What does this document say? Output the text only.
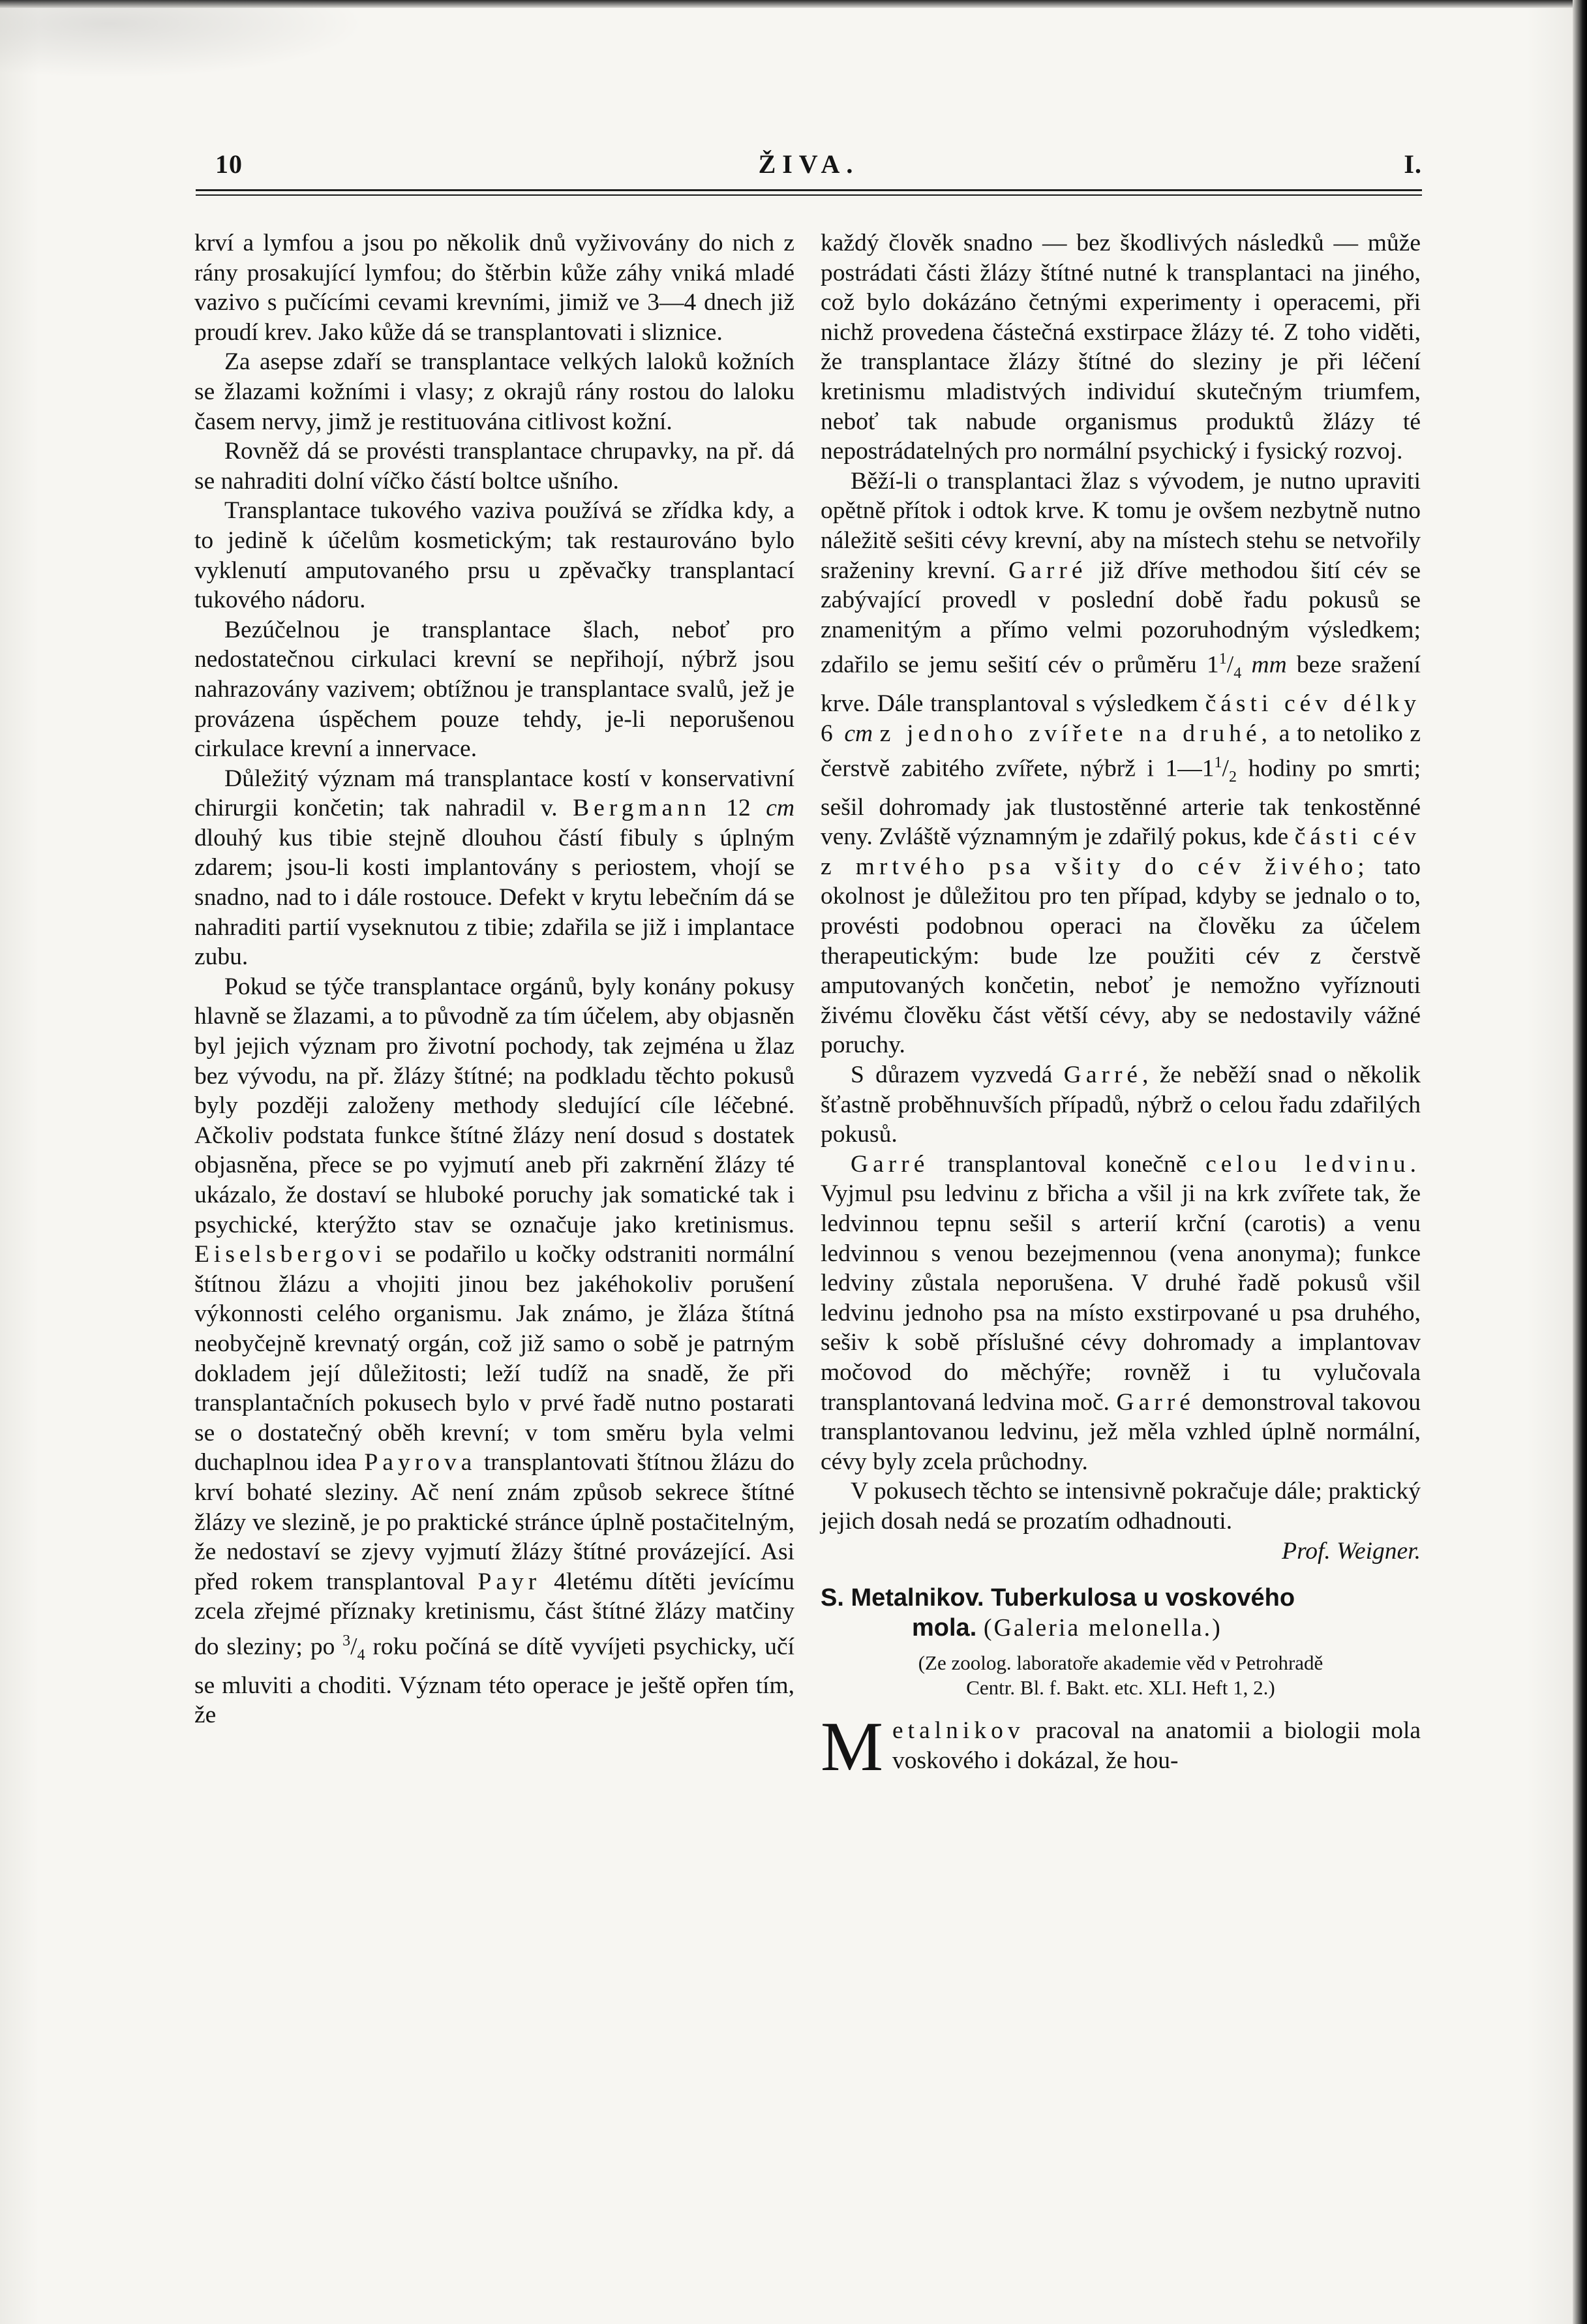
10	ŽIVA.	I.

krví a lymfou a jsou po několik dnů vyživovány do nich z rány prosakující lymfou; do štěrbin kůže záhy vniká mladé vazivo s pučícími cevami krevními, jimiž ve 3—4 dnech již proudí krev. Jako kůže dá se transplantovati i sliznice.

Za asepse zdaří se transplantace velkých laloků kožních se žlazami kožními i vlasy; z okrajů rány rostou do laloku časem nervy, jimž je restituována citlivost kožní.

Rovněž dá se provésti transplantace chrupavky, na př. dá se nahraditi dolní víčko částí boltce ušního.

Transplantace tukového vaziva používá se zřídka kdy, a to jedině k účelům kosmetickým; tak restaurováno bylo vyklenutí amputovaného prsu u zpěvačky transplantací tukového nádoru.

Bezúčelnou je transplantace šlach, neboť pro nedostatečnou cirkulaci krevní se nepřihojí, nýbrž jsou nahrazovány vazivem; obtížnou je transplantace svalů, jež je provázena úspěchem pouze tehdy, je-li neporušenou cirkulace krevní a innervace.

Důležitý význam má transplantace kostí v konservativní chirurgii končetin; tak nahradil v. Bergmann 12 cm dlouhý kus tibie stejně dlouhou částí fibuly s úplným zdarem; jsou-li kosti implantovány s periostem, vhojí se snadno, nad to i dále rostouce. Defekt v krytu lebečním dá se nahraditi partií vyseknutou z tibie; zdařila se již i implantace zubu.

Pokud se týče transplantace orgánů, byly konány pokusy hlavně se žlazami, a to původně za tím účelem, aby objasněn byl jejich význam pro životní pochody, tak zejména u žlaz bez vývodu, na př. žlázy štítné; na podkladu těchto pokusů byly později založeny methody sledující cíle léčebné. Ačkoliv podstata funkce štítné žlázy není dosud s dostatek objasněna, přece se po vyjmutí aneb při zakrnění žlázy té ukázalo, že dostaví se hluboké poruchy jak somatické tak i psychické, kterýžto stav se označuje jako kretinismus. Eiselsbergovi se podařilo u kočky odstraniti normální štítnou žlázu a vhojiti jinou bez jakéhokoliv porušení výkonnosti celého organismu. Jak známo, je žláza štítná neobyčejně krevnatý orgán, což již samo o sobě je patrným dokladem její důležitosti; leží tudíž na snadě, že při transplantačních pokusech bylo v prvé řadě nutno postarati se o dostatečný oběh krevní; v tom směru byla velmi duchaplnou idea Payrova transplantovati štítnou žlázu do krví bohaté sleziny. Ač není znám způsob sekrece štítné žlázy ve slezině, je po praktické stránce úplně postačitelným, že nedostaví se zjevy vyjmutí žlázy štítné provázející. Asi před rokem transplantoval Payr 4letému dítěti jevícímu zcela zřejmé příznaky kretinismu, část štítné žlázy matčiny do sleziny; po $^3/_4$ roku počíná se dítě vyvíjeti psychicky, učí se mluviti a choditi. Význam této operace je ještě opřen tím, že

každý člověk snadno — bez škodlivých následků — může postrádati části žlázy štítné nutné k transplantaci na jiného, což bylo dokázáno četnými experimenty i operacemi, při nichž provedena částečná exstirpace žlázy té. Z toho viděti, že transplantace žlázy štítné do sleziny je při léčení kretinismu mladistvých individuí skutečným triumfem, neboť tak nabude organismus produktů žlázy té nepostrádatelných pro normální psychický i fysický rozvoj.

Běží-li o transplantaci žlaz s vývodem, je nutno upraviti opětně přítok i odtok krve. K tomu je ovšem nezbytně nutno náležitě sešiti cévy krevní, aby na místech stehu se netvořily sraženiny krevní. Garré již dříve methodou šití cév se zabývající provedl v poslední době řadu pokusů se znamenitým a přímo velmi pozoruhodným výsledkem; zdařilo se jemu sešití cév o průměru $1^1/_4$ mm beze sražení krve. Dále transplantoval s výsledkem části cév délky 6 cm z jednoho zvířete na druhé, a to netoliko z čerstvě zabitého zvířete, nýbrž i $1—1^1/_2$ hodiny po smrti; sešil dohromady jak tlustostěnné arterie tak tenkostěnné veny. Zvláště významným je zdařilý pokus, kde části cév z mrtvého psa všity do cév živého; tato okolnost je důležitou pro ten případ, kdyby se jednalo o to, provésti podobnou operaci na člověku za účelem therapeutickým: bude lze použiti cév z čerstvě amputovaných končetin, neboť je nemožno vyříznouti živému člověku část větší cévy, aby se nedostavily vážné poruchy.

S důrazem vyzvedá Garré, že neběží snad o několik šťastně proběhnuvších případů, nýbrž o celou řadu zdařilých pokusů.

Garré transplantoval konečně celou ledvinu. Vyjmul psu ledvinu z břicha a všil ji na krk zvířete tak, že ledvinnou tepnu sešil s arterií krční (carotis) a venu ledvinnou s venou bezejmennou (vena anonyma); funkce ledviny zůstala neporušena. V druhé řadě pokusů všil ledvinu jednoho psa na místo exstirpované u psa druhého, sešiv k sobě příslušné cévy dohromady a implantovav močovod do měchýře; rovněž i tu vylučovala transplantovaná ledvina moč. Garré demonstroval takovou transplantovanou ledvinu, jež měla vzhled úplně normální, cévy byly zcela průchodny.

V pokusech těchto se intensivně pokračuje dále; praktický jejich dosah nedá se prozatím odhadnouti.

Prof. Weigner.

S. Metalnikov. Tuberkulosa u voskového
mola. (Galeria melonella.)
(Ze zoolog. laboratoře akademie věd v Petrohradě
Centr. Bl. f. Bakt. etc. XLI. Heft 1, 2.)
M etalnikov pracoval na anatomii a biologii mola voskového i dokázal, že hou-
